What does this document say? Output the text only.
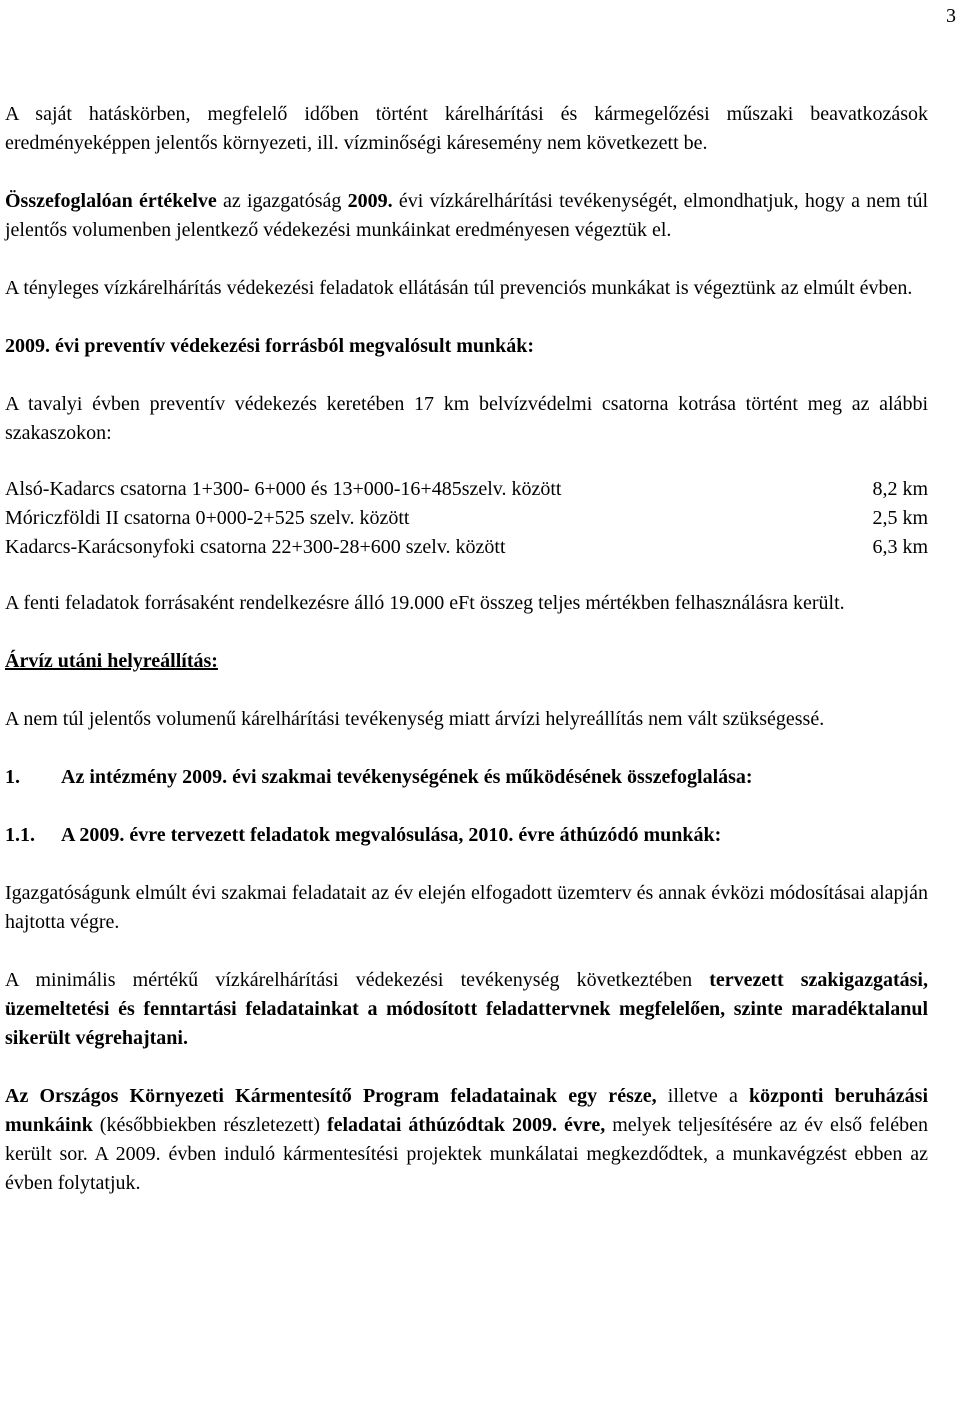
3

A saját hatáskörben, megfelelő időben történt kárelhárítási és kármegelőzési műszaki beavatkozások eredményeképpen jelentős környezeti, ill. vízminőségi káresemény nem következett be.

Összefoglalóan értékelve az igazgatóság 2009. évi vízkárelhárítási tevékenységét, elmondhatjuk, hogy a nem túl jelentős volumenben jelentkező védekezési munkáinkat eredményesen végeztük el.

A tényleges vízkárelhárítás védekezési feladatok ellátásán túl prevenciós munkákat is végeztünk az elmúlt évben.

2009. évi preventív védekezési forrásból megvalósult munkák:

A tavalyi évben preventív védekezés keretében 17 km belvízvédelmi csatorna kotrása történt meg az alábbi szakaszokon:

Alsó-Kadarcs csatorna 1+300- 6+000 és 13+000-16+485szelv. között	8,2 km
Móriczföldi II csatorna 0+000-2+525 szelv. között	2,5 km
Kadarcs-Karácsonyfoki csatorna 22+300-28+600 szelv. között	6,3 km

A fenti feladatok forrásaként rendelkezésre álló 19.000 eFt összeg teljes mértékben felhasználásra került.

Árvíz utáni helyreállítás:

A nem túl jelentős volumenű kárelhárítási tevékenység miatt árvízi helyreállítás nem vált szükségessé.

1.	Az intézmény 2009. évi szakmai tevékenységének és működésének összefoglalása:
1.1.	A 2009. évre tervezett feladatok megvalósulása, 2010. évre áthúzódó munkák:

Igazgatóságunk elmúlt évi szakmai feladatait az év elején elfogadott üzemterv és annak évközi módosításai alapján hajtotta végre.

A minimális mértékű vízkárelhárítási védekezési tevékenység következtében tervezett szakigazgatási, üzemeltetési és fenntartási feladatainkat a módosított feladattervnek megfelelően, szinte maradéktalanul sikerült végrehajtani.

Az Országos Környezeti Kármentesítő Program feladatainak egy része, illetve a központi beruházási munkáink (későbbiekben részletezett) feladatai áthúzódtak 2009. évre, melyek teljesítésére az év első felében került sor. A 2009. évben induló kármentesítési projektek munkálatai megkezdődtek, a munkavégzést ebben az évben folytatjuk.
